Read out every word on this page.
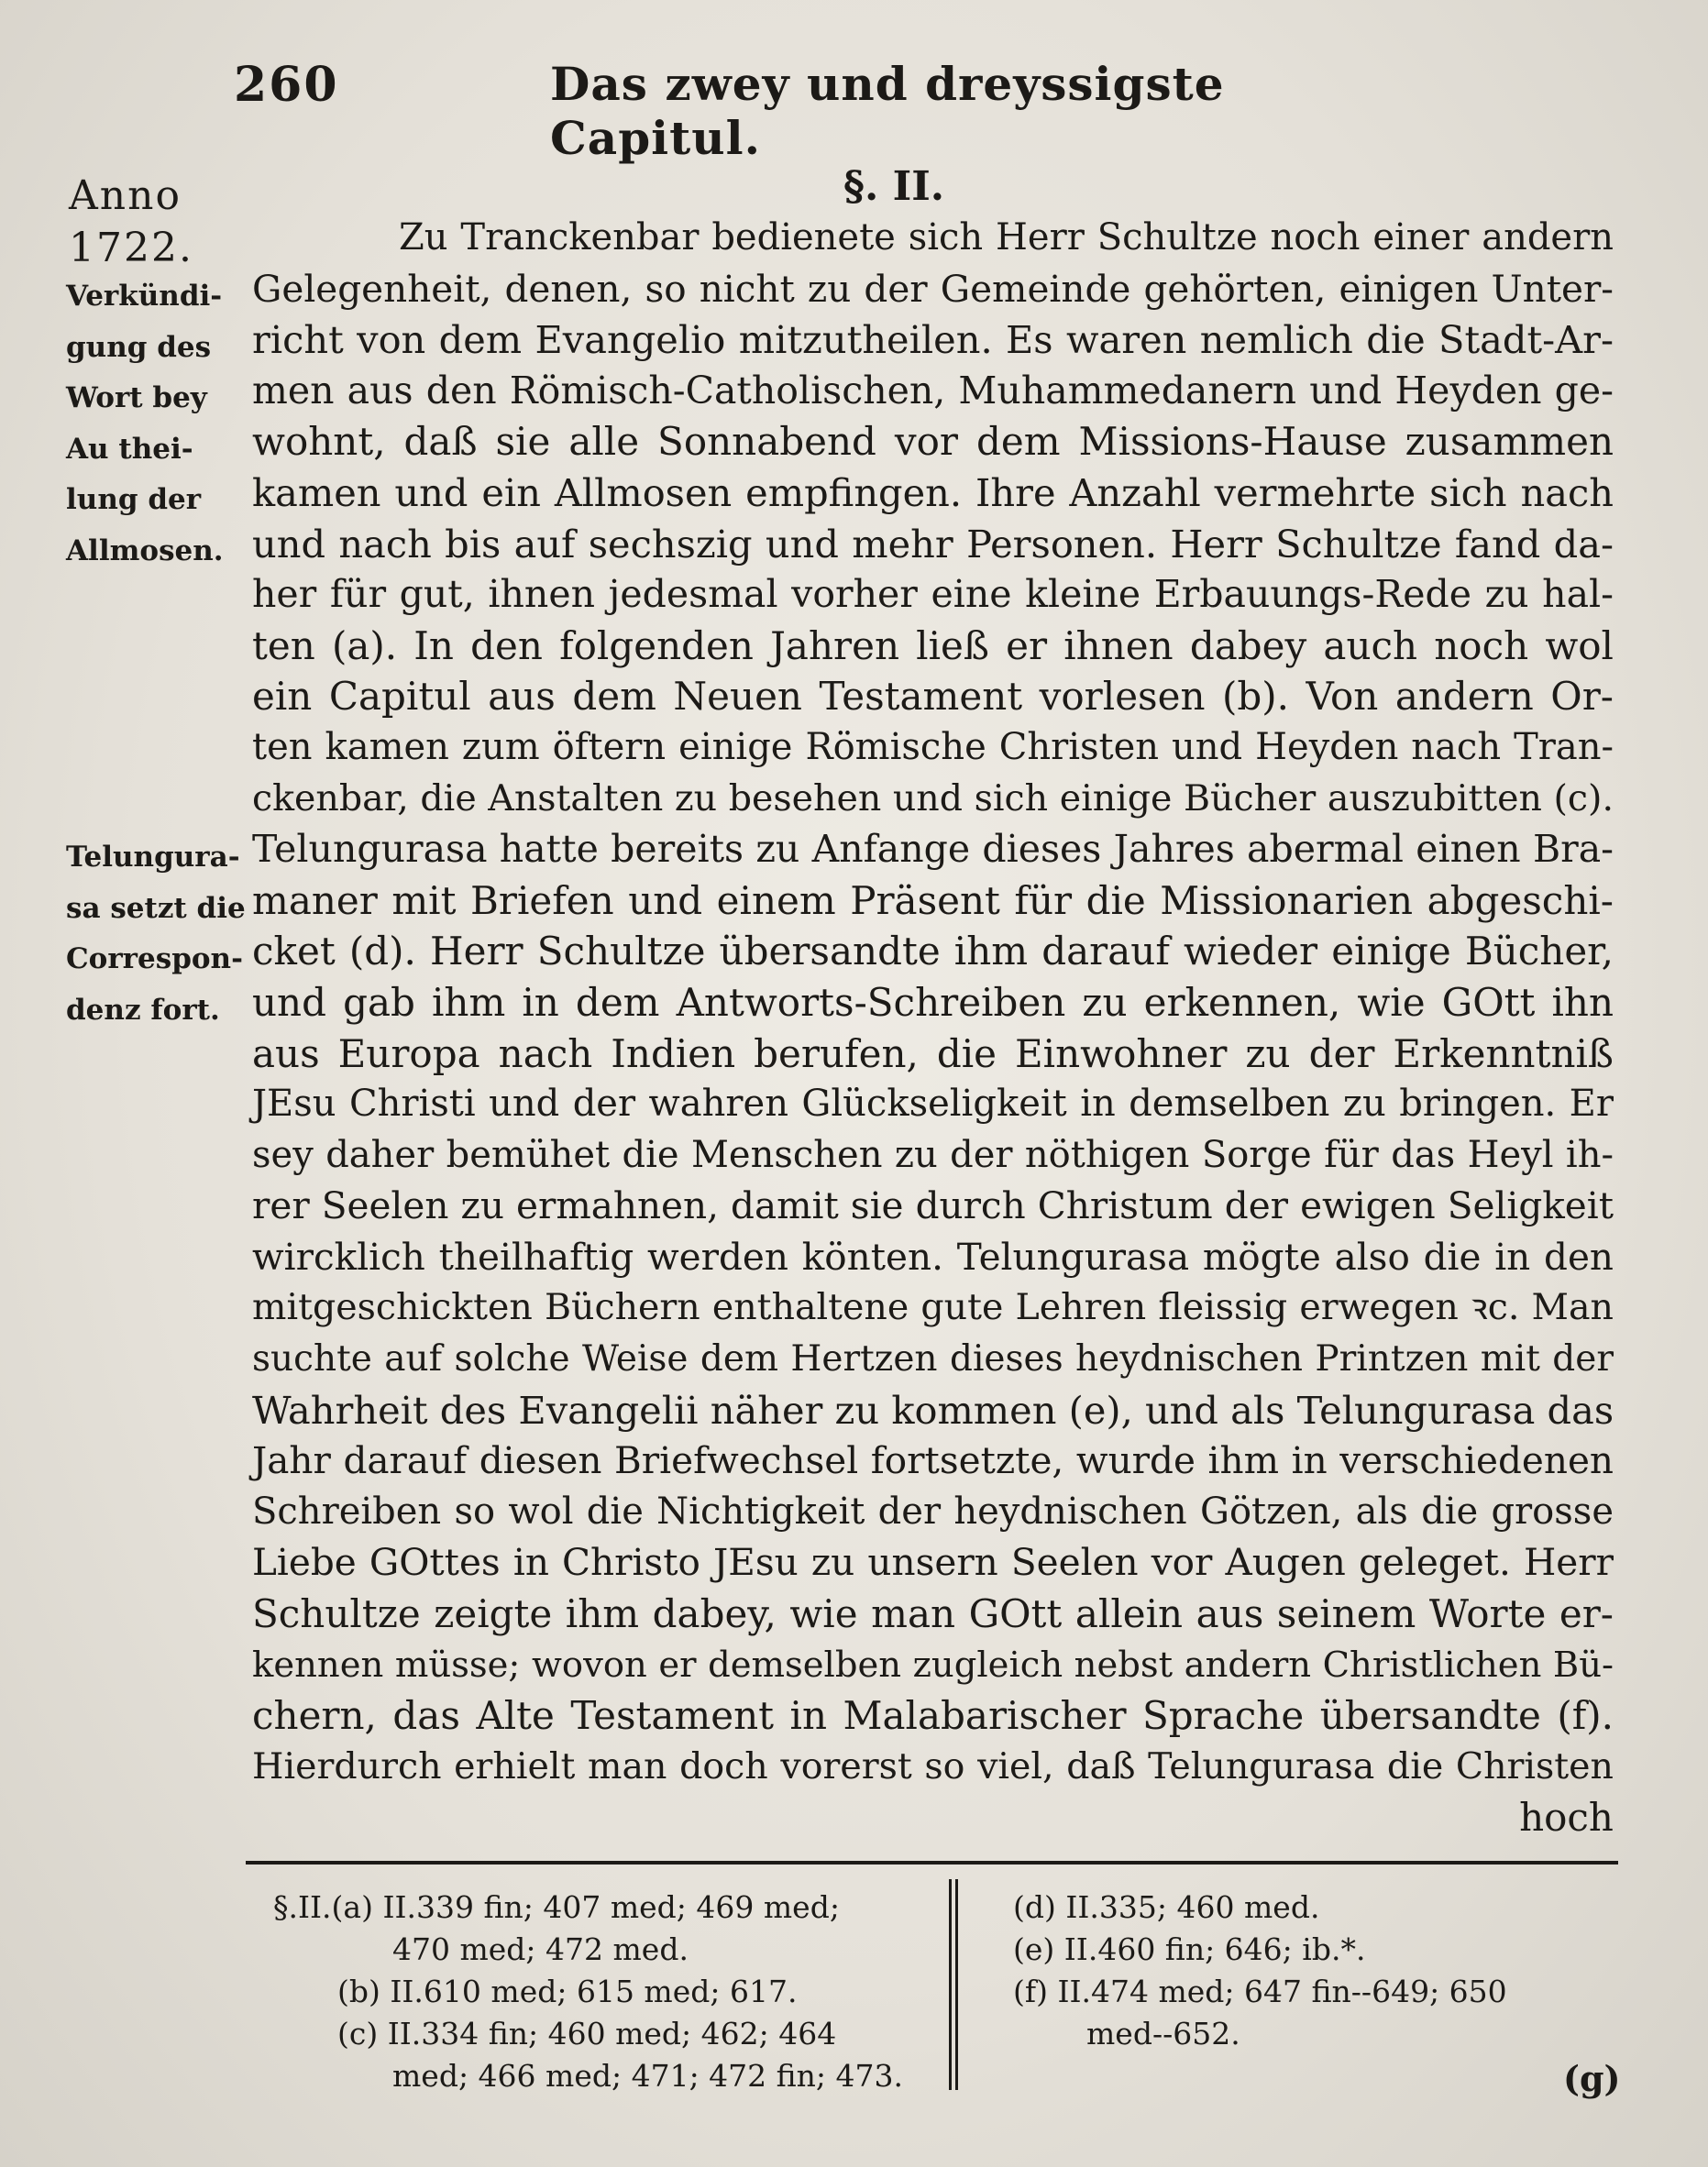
260	Das zwey und dreyssigste Capitul.
Anno
1722.
Verkündi-
gung des
Wort bey
Au thei-
lung der
Allmosen.
Telungura-
sa setzt die
Correspon-
denz fort.
§. II.
Zu Tranckenbar bedienete sich Herr Schultze noch einer andern
Gelegenheit, denen, so nicht zu der Gemeinde gehörten, einigen Unter-
richt von dem Evangelio mitzutheilen. Es waren nemlich die Stadt-Ar-
men aus den Römisch-Catholischen, Muhammedanern und Heyden ge-
wohnt, daß sie alle Sonnabend vor dem Missions-Hause zusammen
kamen und ein Allmosen empfingen. Ihre Anzahl vermehrte sich nach
und nach bis auf sechszig und mehr Personen. Herr Schultze fand da-
her für gut, ihnen jedesmal vorher eine kleine Erbauungs-Rede zu hal-
ten (a). In den folgenden Jahren ließ er ihnen dabey auch noch wol
ein Capitul aus dem Neuen Testament vorlesen (b). Von andern Or-
ten kamen zum öftern einige Römische Christen und Heyden nach Tran-
ckenbar, die Anstalten zu besehen und sich einige Bücher auszubitten (c).
Telungurasa hatte bereits zu Anfange dieses Jahres abermal einen Bra-
maner mit Briefen und einem Präsent für die Missionarien abgeschi-
cket (d). Herr Schultze übersandte ihm darauf wieder einige Bücher,
und gab ihm in dem Antworts-Schreiben zu erkennen, wie GOtt ihn
aus Europa nach Indien berufen, die Einwohner zu der Erkenntniß
JEsu Christi und der wahren Glückseligkeit in demselben zu bringen. Er
sey daher bemühet die Menschen zu der nöthigen Sorge für das Heyl ih-
rer Seelen zu ermahnen, damit sie durch Christum der ewigen Seligkeit
wircklich theilhaftig werden könten. Telungurasa mögte also die in den
mitgeschickten Büchern enthaltene gute Lehren fleissig erwegen ꝛc. Man
suchte auf solche Weise dem Hertzen dieses heydnischen Printzen mit der
Wahrheit des Evangelii näher zu kommen (e), und als Telungurasa das
Jahr darauf diesen Briefwechsel fortsetzte, wurde ihm in verschiedenen
Schreiben so wol die Nichtigkeit der heydnischen Götzen, als die grosse
Liebe GOttes in Christo JEsu zu unsern Seelen vor Augen geleget. Herr
Schultze zeigte ihm dabey, wie man GOtt allein aus seinem Worte er-
kennen müsse; wovon er demselben zugleich nebst andern Christlichen Bü-
chern, das Alte Testament in Malabarischer Sprache übersandte (f).
Hierdurch erhielt man doch vorerst so viel, daß Telungurasa die Christen
hoch
§.II.(a) II.339 fin; 407 med; 469 med;
470 med; 472 med.
(b) II.610 med; 615 med; 617.
(c) II.334 fin; 460 med; 462; 464
med; 466 med; 471; 472 fin; 473.
(d) II.335; 460 med.
(e) II.460 fin; 646; ib.*.
(f) II.474 med; 647 fin--649; 650
med--652.
(g)
